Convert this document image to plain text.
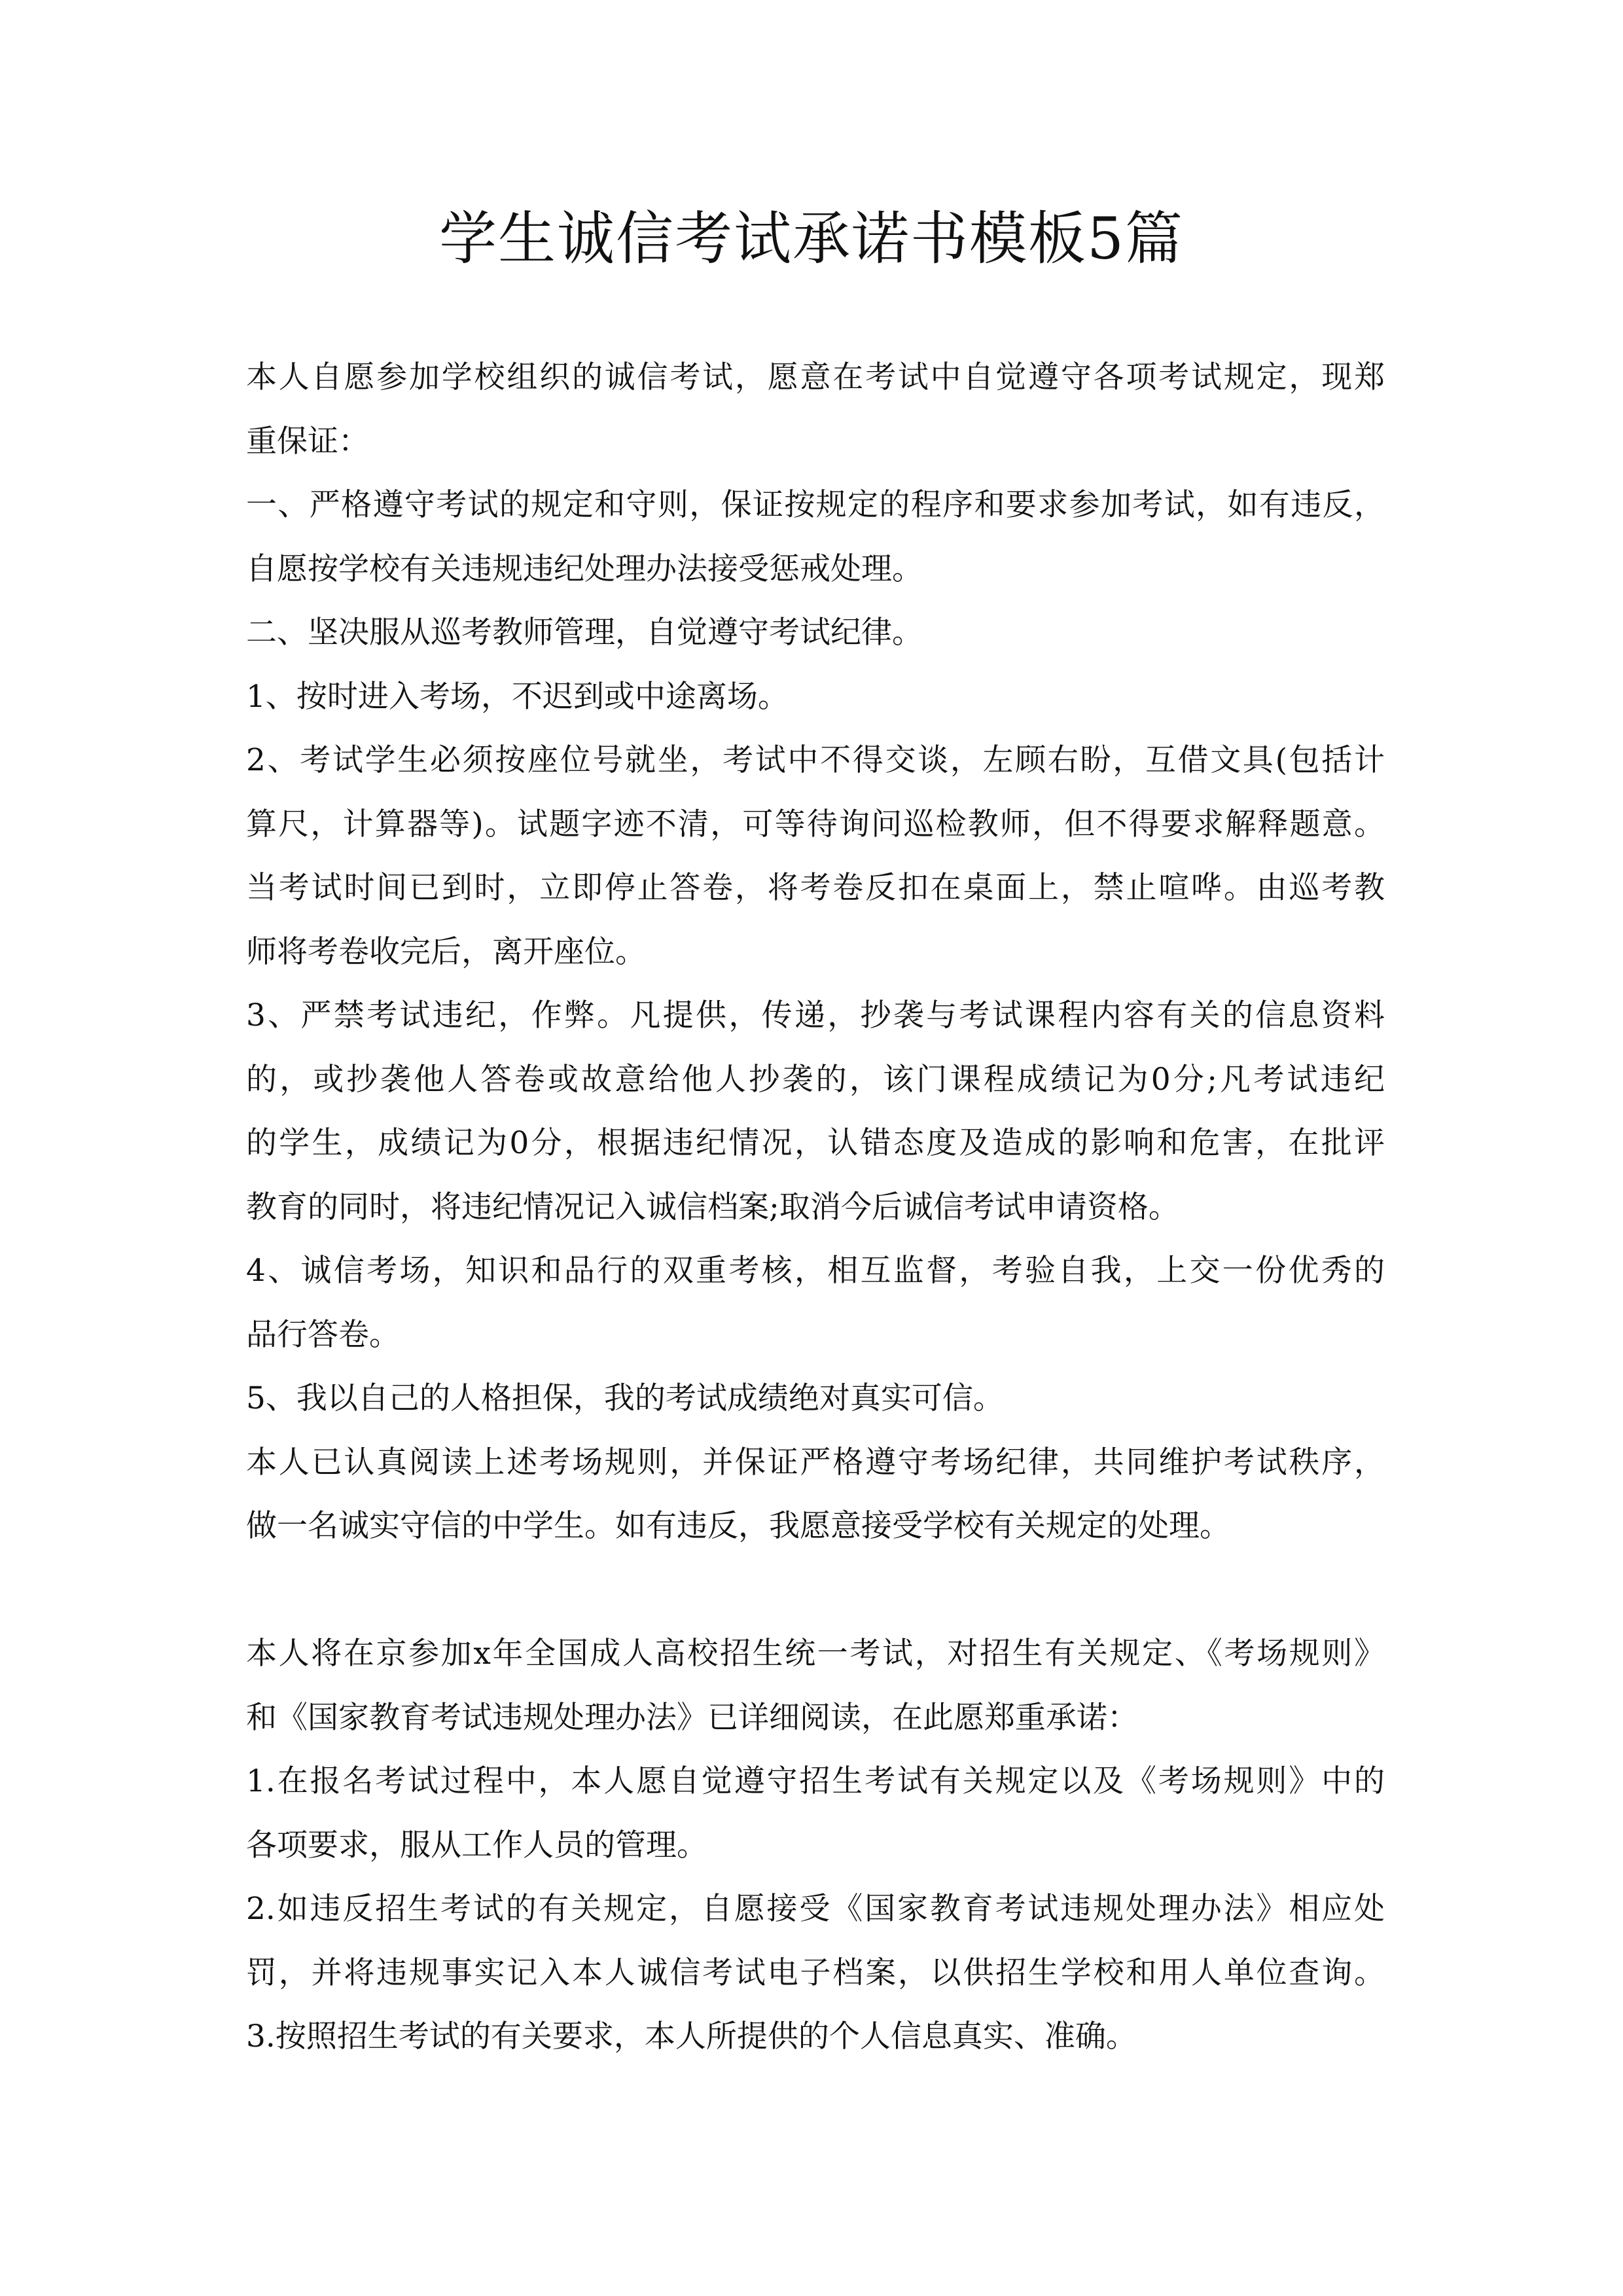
学生诚信考试承诺书模板5篇
本人自愿参加学校组织的诚信考试，愿意在考试中自觉遵守各项考试规定，现郑
重保证：
一、严格遵守考试的规定和守则，保证按规定的程序和要求参加考试，如有违反，
自愿按学校有关违规违纪处理办法接受惩戒处理。
二、坚决服从巡考教师管理，自觉遵守考试纪律。
1、按时进入考场，不迟到或中途离场。
2、考试学生必须按座位号就坐，考试中不得交谈，左顾右盼，互借文具(包括计
算尺，计算器等)。试题字迹不清，可等待询问巡检教师，但不得要求解释题意。
当考试时间已到时，立即停止答卷，将考卷反扣在桌面上，禁止喧哗。由巡考教
师将考卷收完后，离开座位。
3、严禁考试违纪，作弊。凡提供，传递，抄袭与考试课程内容有关的信息资料
的，或抄袭他人答卷或故意给他人抄袭的，该门课程成绩记为0分;凡考试违纪
的学生，成绩记为0分，根据违纪情况，认错态度及造成的影响和危害，在批评
教育的同时，将违纪情况记入诚信档案;取消今后诚信考试申请资格。
4、诚信考场，知识和品行的双重考核，相互监督，考验自我，上交一份优秀的
品行答卷。
5、我以自己的人格担保，我的考试成绩绝对真实可信。
本人已认真阅读上述考场规则，并保证严格遵守考场纪律，共同维护考试秩序，
做一名诚实守信的中学生。如有违反，我愿意接受学校有关规定的处理。
本人将在京参加x年全国成人高校招生统一考试，对招生有关规定、《考场规则》
和《国家教育考试违规处理办法》已详细阅读，在此愿郑重承诺：
1.在报名考试过程中，本人愿自觉遵守招生考试有关规定以及《考场规则》中的
各项要求，服从工作人员的管理。
2.如违反招生考试的有关规定，自愿接受《国家教育考试违规处理办法》相应处
罚，并将违规事实记入本人诚信考试电子档案，以供招生学校和用人单位查询。
3.按照招生考试的有关要求，本人所提供的个人信息真实、准确。
